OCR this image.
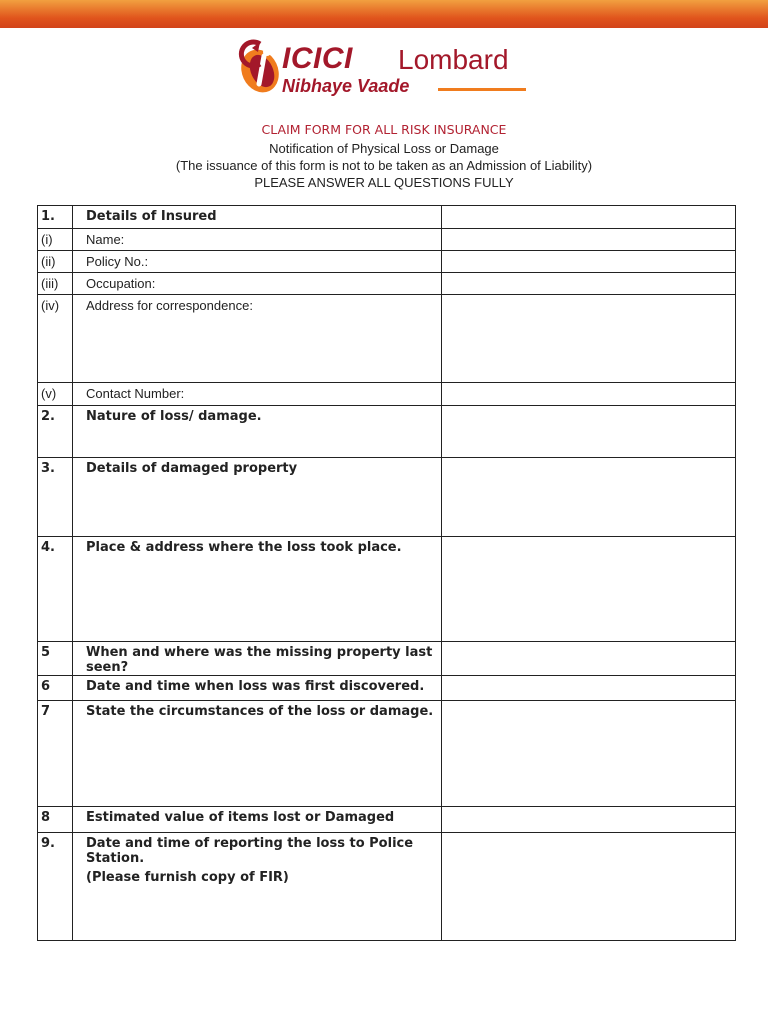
ICICI Lombard
Nibhaye Vaade
CLAIM FORM FOR ALL RISK INSURANCE
Notification of Physical Loss or Damage
(The issuance of this form is not to be taken as an Admission of Liability)
PLEASE ANSWER ALL QUESTIONS FULLY
1.	Details of Insured	
(i)	Name:	
(ii)	Policy No.:	
(iii)	Occupation:	
(iv)	Address for correspondence:	
(v)	Contact Number:	
2.	Nature of loss/ damage.	
3.	Details of damaged property	
4.	Place & address where the loss took place.	
5	When and where was the missing property last seen?	
6	Date and time when loss was first discovered.	
7	State the circumstances of the loss or damage.	
8	Estimated value of items lost or Damaged	
9.	Date and time of reporting the loss to Police Station.
(Please furnish copy of FIR)	
